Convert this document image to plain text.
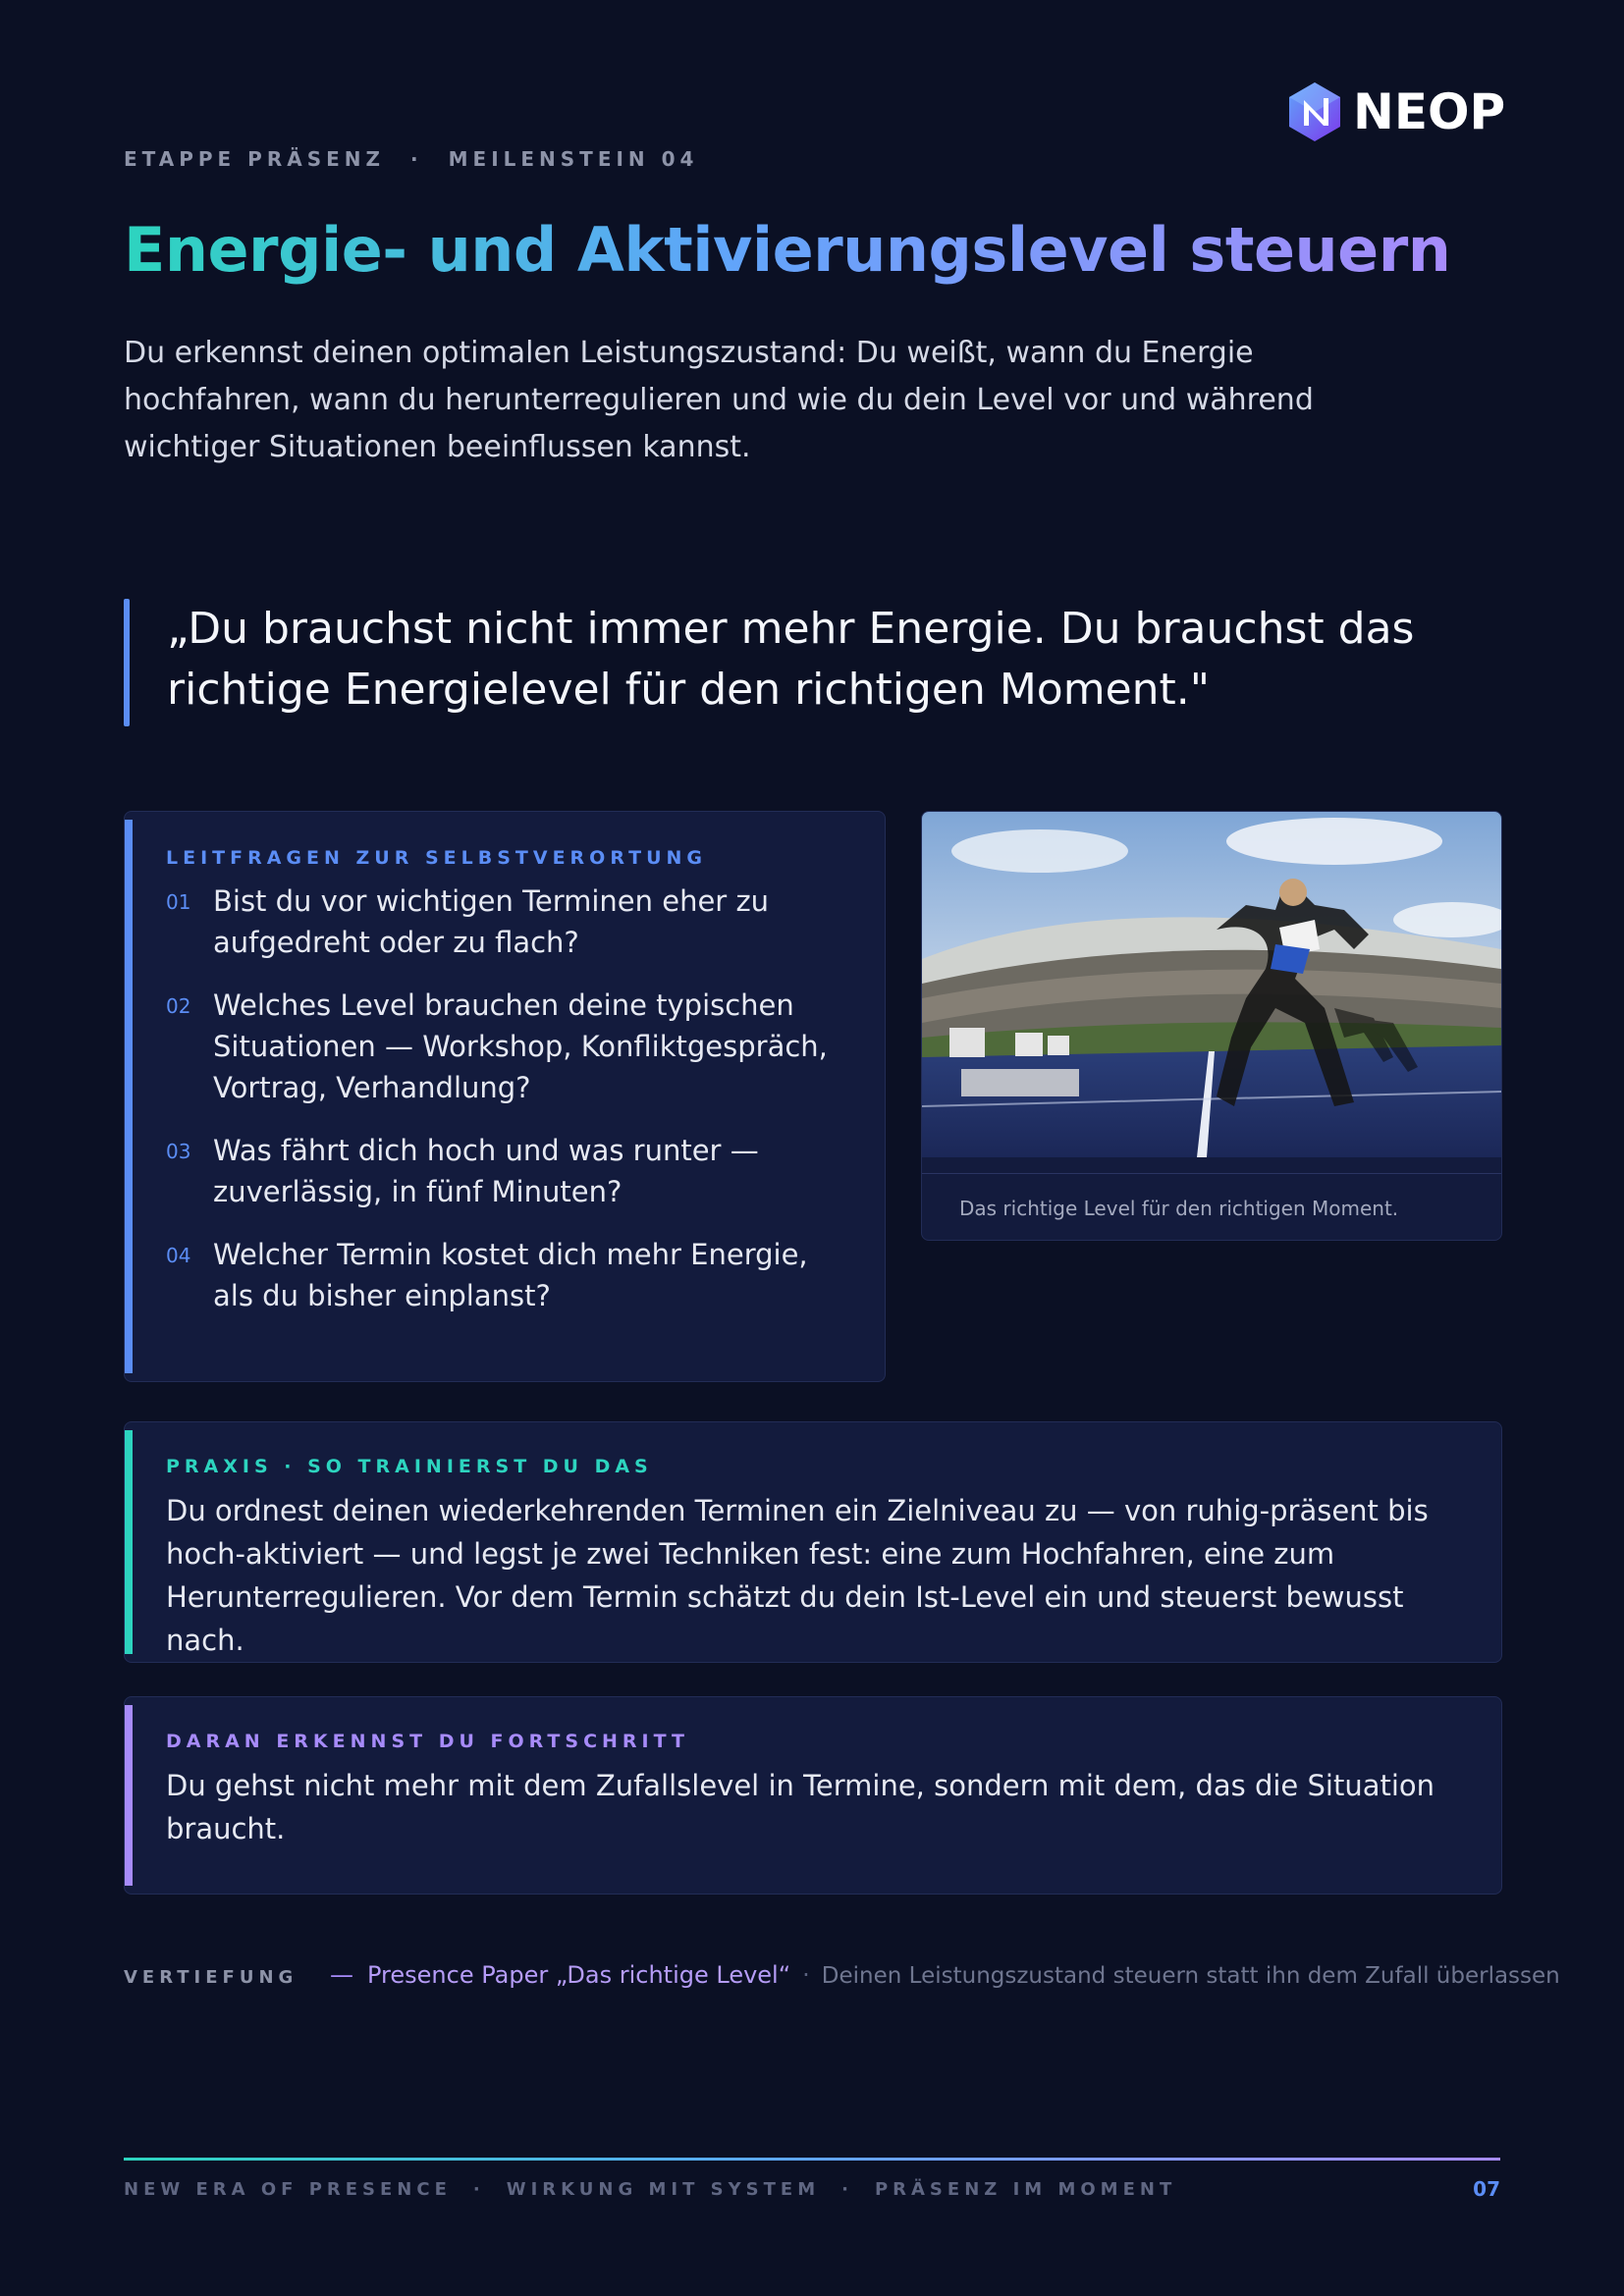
NEOP
ETAPPE PRÄSENZ · MEILENSTEIN 04
Energie- und Aktivierungslevel steuern
Du erkennst deinen optimalen Leistungszustand: Du weißt, wann du Energie hochfahren, wann du herunterregulieren und wie du dein Level vor und während wichtiger Situationen beeinflussen kannst.
„Du brauchst nicht immer mehr Energie. Du brauchst das richtige Energielevel für den richtigen Moment."
LEITFRAGEN ZUR SELBSTVERORTUNG
01 Bist du vor wichtigen Terminen eher zu aufgedreht oder zu flach?
02 Welches Level brauchen deine typischen Situationen — Workshop, Konfliktgespräch, Vortrag, Verhandlung?
03 Was fährt dich hoch und was runter — zuverlässig, in fünf Minuten?
04 Welcher Termin kostet dich mehr Energie, als du bisher einplanst?
Das richtige Level für den richtigen Moment.
PRAXIS · SO TRAINIERST DU DAS
Du ordnest deinen wiederkehrenden Terminen ein Zielniveau zu — von ruhig-präsent bis hoch-aktiviert — und legst je zwei Techniken fest: eine zum Hochfahren, eine zum Herunterregulieren. Vor dem Termin schätzt du dein Ist-Level ein und steuerst bewusst nach.
DARAN ERKENNST DU FORTSCHRITT
Du gehst nicht mehr mit dem Zufallslevel in Termine, sondern mit dem, das die Situation braucht.
VERTIEFUNG	— Presence Paper „Das richtige Level“ · Deinen Leistungszustand steuern statt ihn dem Zufall überlassen
NEW ERA OF PRESENCE · WIRKUNG MIT SYSTEM · PRÄSENZ IM MOMENT	07
